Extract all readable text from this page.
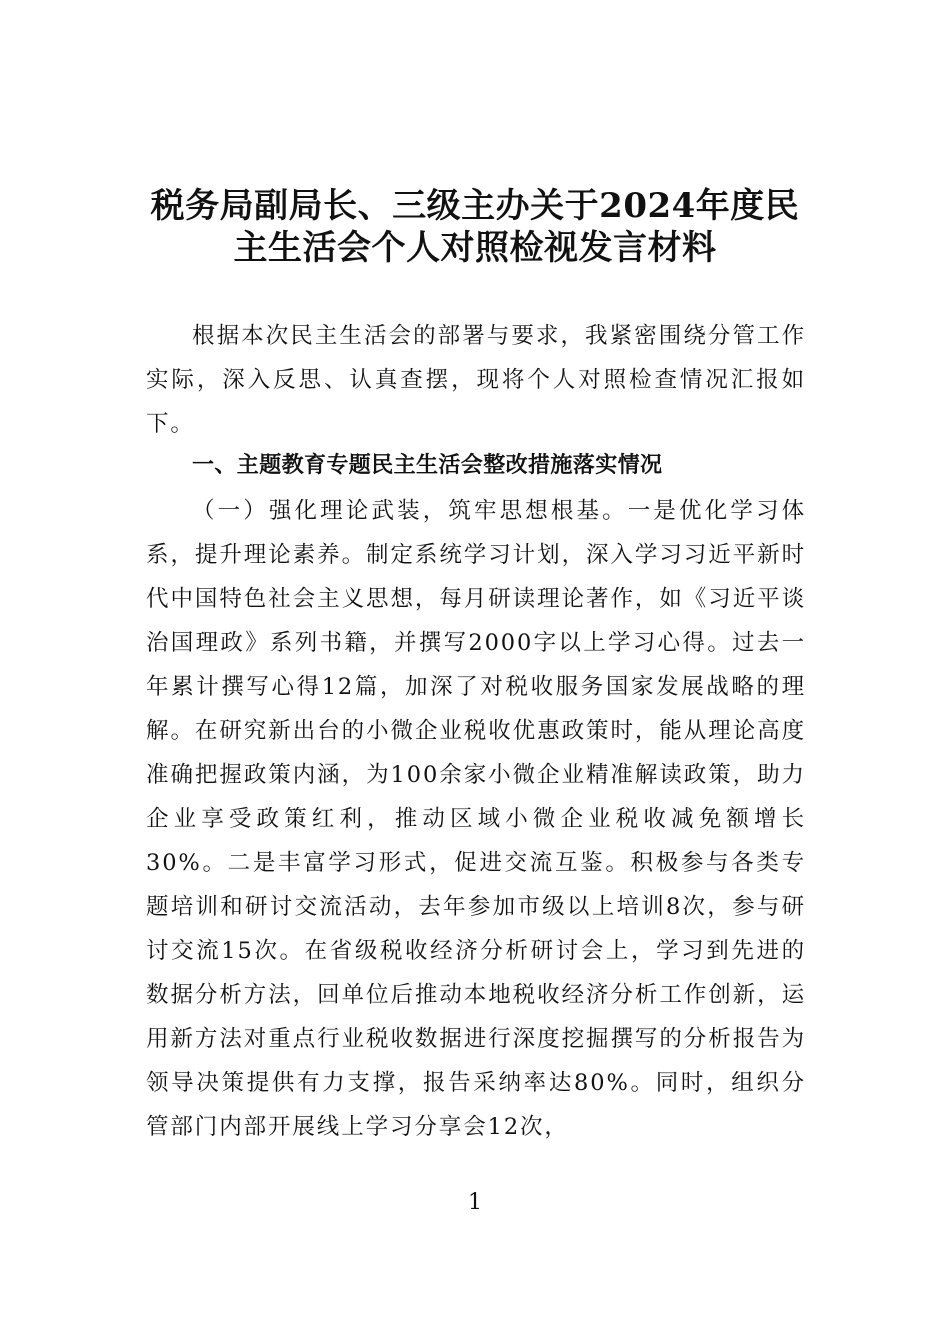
税务局副局长、三级主办关于2024年度民
主生活会个人对照检视发言材料

根据本次民主生活会的部署与要求，我紧密围绕分管工作实际，深入反思、认真查摆，现将个人对照检查情况汇报如下。

一、主题教育专题民主生活会整改措施落实情况

（一）强化理论武装，筑牢思想根基。一是优化学习体系，提升理论素养。制定系统学习计划，深入学习习近平新时代中国特色社会主义思想，每月研读理论著作，如《习近平谈治国理政》系列书籍，并撰写2000字以上学习心得。过去一年累计撰写心得12篇，加深了对税收服务国家发展战略的理解。在研究新出台的小微企业税收优惠政策时，能从理论高度准确把握政策内涵，为100余家小微企业精准解读政策，助力企业享受政策红利，推动区域小微企业税收减免额增长30%。二是丰富学习形式，促进交流互鉴。积极参与各类专题培训和研讨交流活动，去年参加市级以上培训8次，参与研讨交流15次。在省级税收经济分析研讨会上，学习到先进的数据分析方法，回单位后推动本地税收经济分析工作创新，运用新方法对重点行业税收数据进行深度挖掘撰写的分析报告为领导决策提供有力支撑，报告采纳率达80%。同时，组织分管部门内部开展线上学习分享会12次，

1
